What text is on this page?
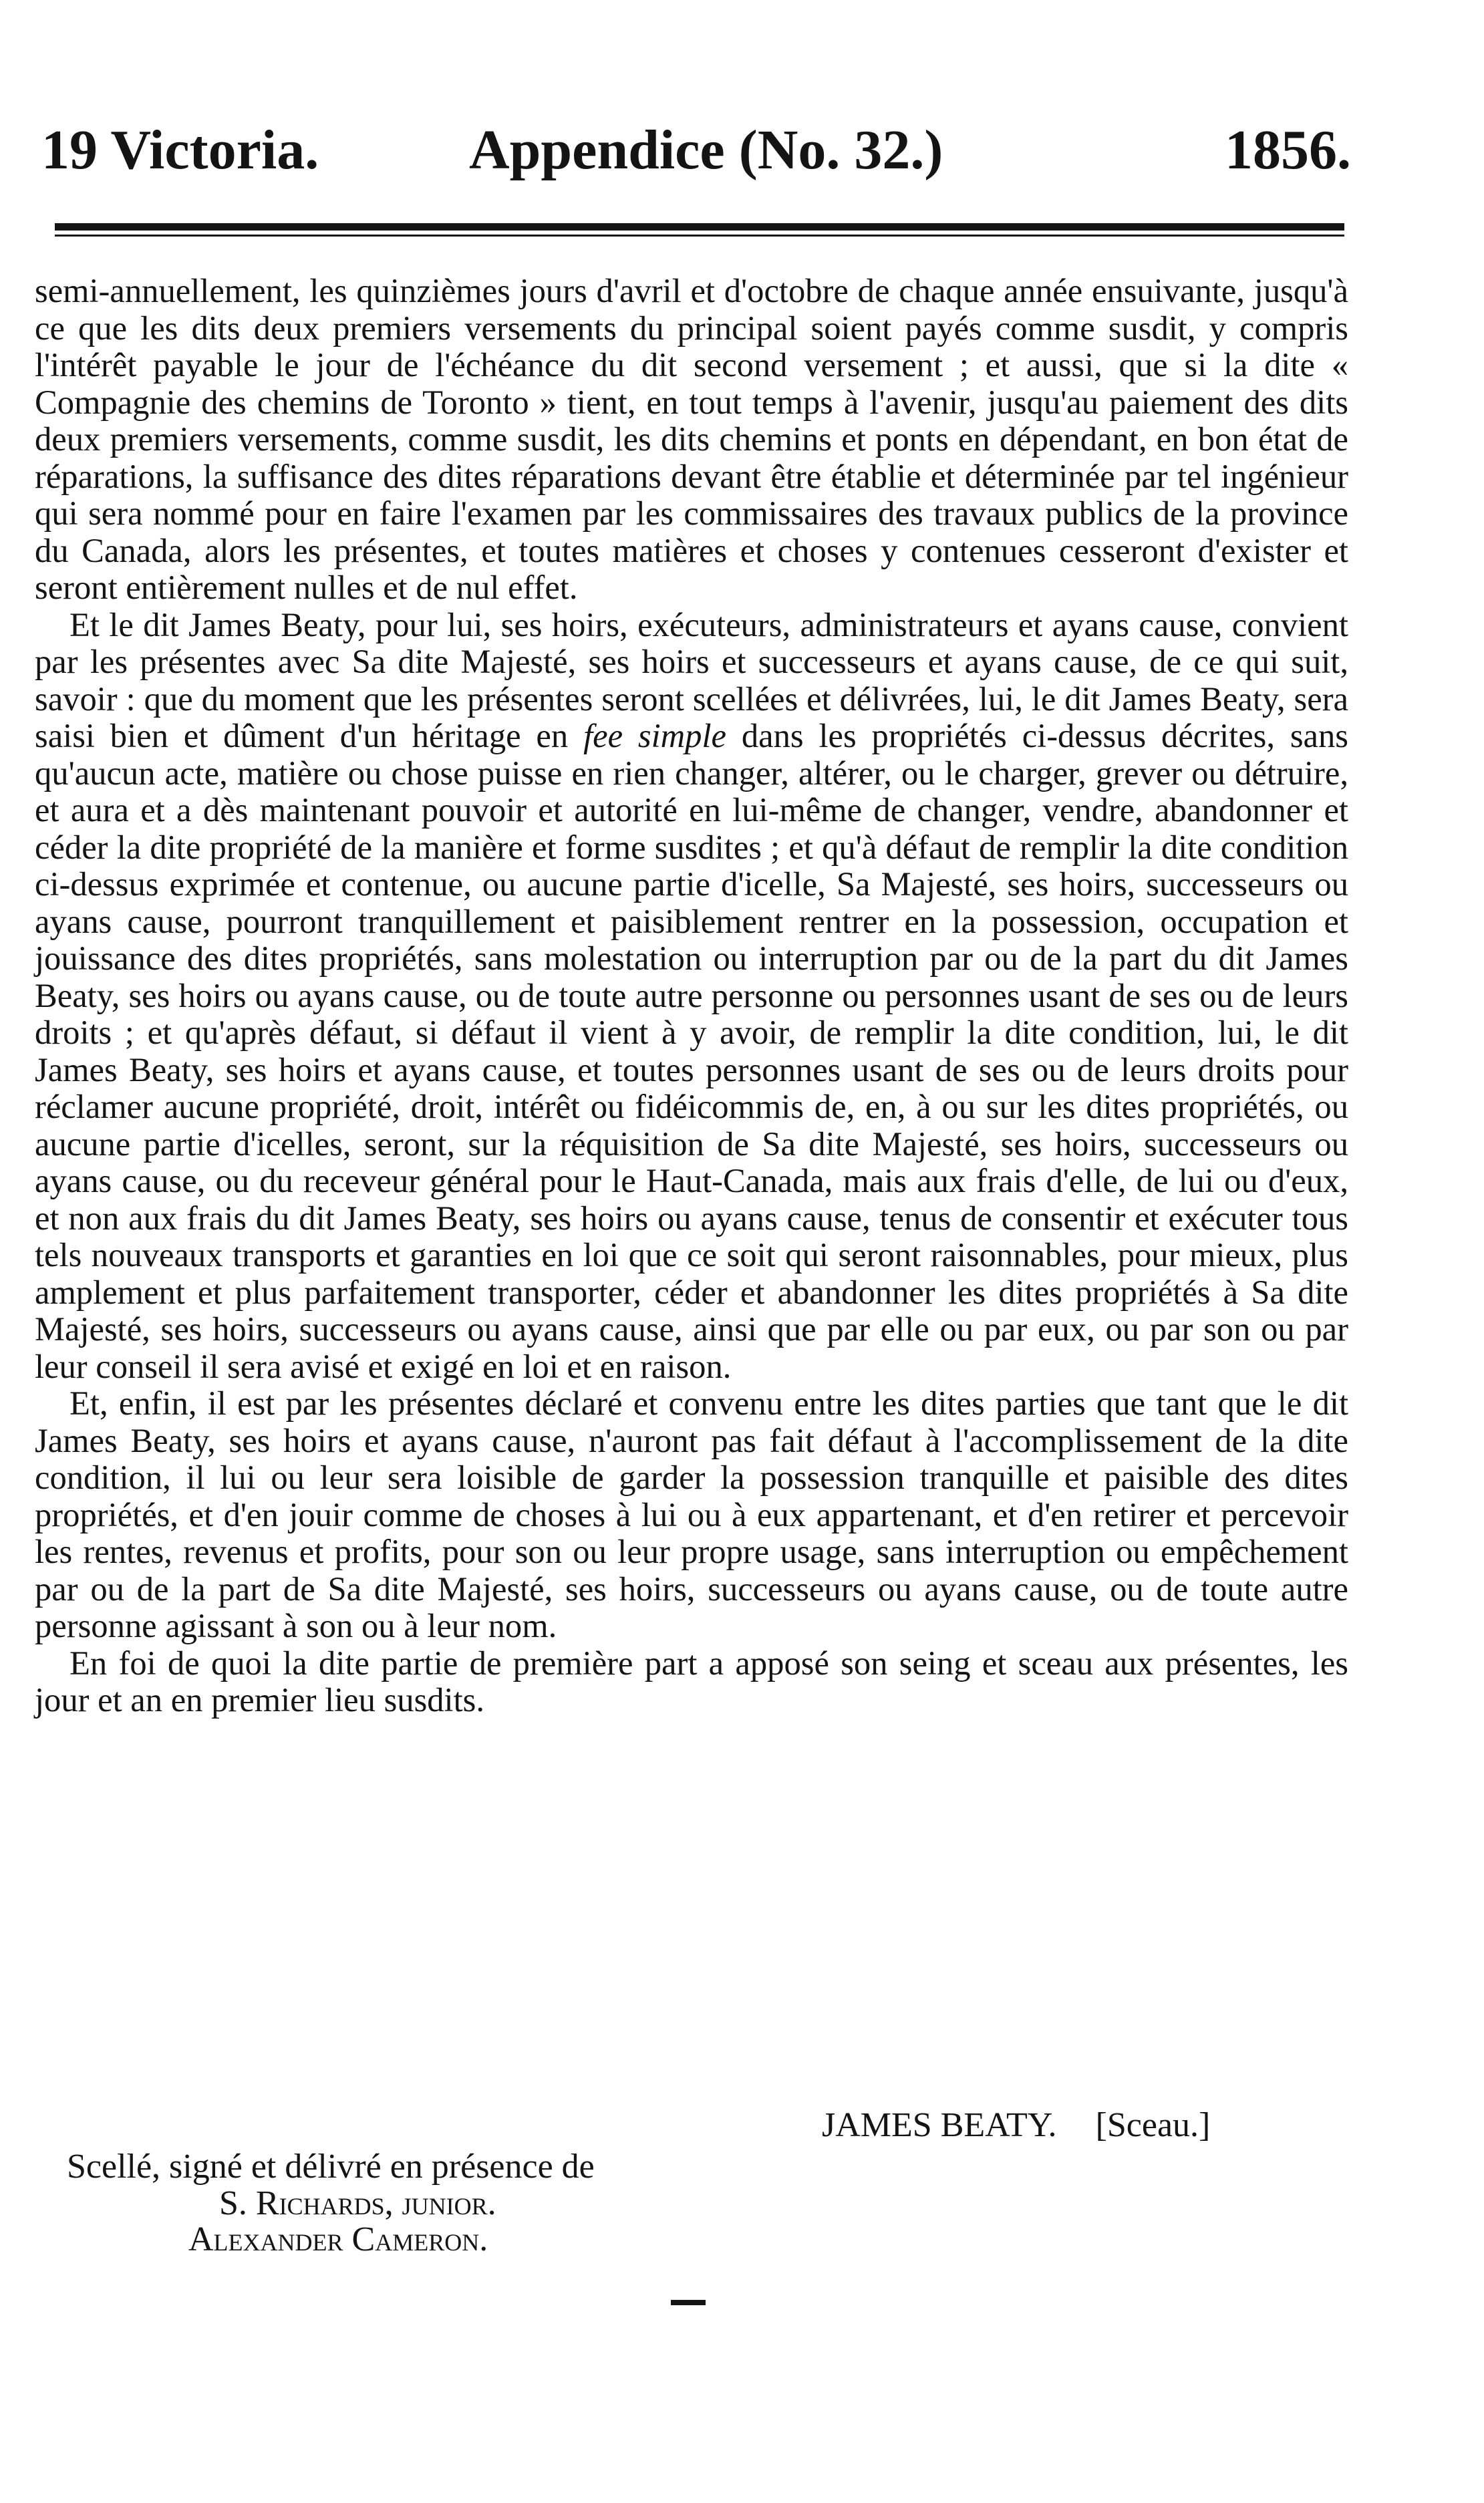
19 Victoria.	Appendice (No. 32.)	1856.

semi-annuellement, les quinzièmes jours d'avril et d'octobre de chaque année ensuivante, jusqu'à ce que les dits deux premiers versements du principal soient payés comme susdit, y compris l'intérêt payable le jour de l'échéance du dit second versement ; et aussi, que si la dite « Compagnie des chemins de Toronto » tient, en tout temps à l'avenir, jusqu'au paiement des dits deux premiers versements, comme susdit, les dits chemins et ponts en dépendant, en bon état de réparations, la suffisance des dites réparations devant être établie et déterminée par tel ingénieur qui sera nommé pour en faire l'examen par les commissaires des travaux publics de la province du Canada, alors les présentes, et toutes matières et choses y contenues cesseront d'exister et seront entièrement nulles et de nul effet.

Et le dit James Beaty, pour lui, ses hoirs, exécuteurs, administrateurs et ayans cause, convient par les présentes avec Sa dite Majesté, ses hoirs et successeurs et ayans cause, de ce qui suit, savoir : que du moment que les présentes seront scellées et délivrées, lui, le dit James Beaty, sera saisi bien et dûment d'un héritage en fee simple dans les propriétés ci-dessus décrites, sans qu'aucun acte, matière ou chose puisse en rien changer, altérer, ou le charger, grever ou détruire, et aura et a dès maintenant pouvoir et autorité en lui-même de changer, vendre, abandonner et céder la dite propriété de la manière et forme susdites ; et qu'à défaut de remplir la dite condition ci-dessus exprimée et contenue, ou aucune partie d'icelle, Sa Majesté, ses hoirs, successeurs ou ayans cause, pourront tranquillement et paisiblement rentrer en la possession, occupation et jouissance des dites propriétés, sans molestation ou interruption par ou de la part du dit James Beaty, ses hoirs ou ayans cause, ou de toute autre personne ou personnes usant de ses ou de leurs droits ; et qu'après défaut, si défaut il vient à y avoir, de remplir la dite condition, lui, le dit James Beaty, ses hoirs et ayans cause, et toutes personnes usant de ses ou de leurs droits pour réclamer aucune propriété, droit, intérêt ou fidéicommis de, en, à ou sur les dites propriétés, ou aucune partie d'icelles, seront, sur la réquisition de Sa dite Majesté, ses hoirs, successeurs ou ayans cause, ou du receveur général pour le Haut-Canada, mais aux frais d'elle, de lui ou d'eux, et non aux frais du dit James Beaty, ses hoirs ou ayans cause, tenus de consentir et exécuter tous tels nouveaux transports et garanties en loi que ce soit qui seront raisonnables, pour mieux, plus amplement et plus parfaitement transporter, céder et abandonner les dites propriétés à Sa dite Majesté, ses hoirs, successeurs ou ayans cause, ainsi que par elle ou par eux, ou par son ou par leur conseil il sera avisé et exigé en loi et en raison.

Et, enfin, il est par les présentes déclaré et convenu entre les dites parties que tant que le dit James Beaty, ses hoirs et ayans cause, n'auront pas fait défaut à l'accomplissement de la dite condition, il lui ou leur sera loisible de garder la possession tranquille et paisible des dites propriétés, et d'en jouir comme de choses à lui ou à eux appartenant, et d'en retirer et percevoir les rentes, revenus et profits, pour son ou leur propre usage, sans interruption ou empêchement par ou de la part de Sa dite Majesté, ses hoirs, successeurs ou ayans cause, ou de toute autre personne agissant à son ou à leur nom.

En foi de quoi la dite partie de première part a apposé son seing et sceau aux présentes, les jour et an en premier lieu susdits.

JAMES BEATY. [Sceau.]
Scellé, signé et délivré en présence de
S. Richards, junior.
Alexander Cameron.
